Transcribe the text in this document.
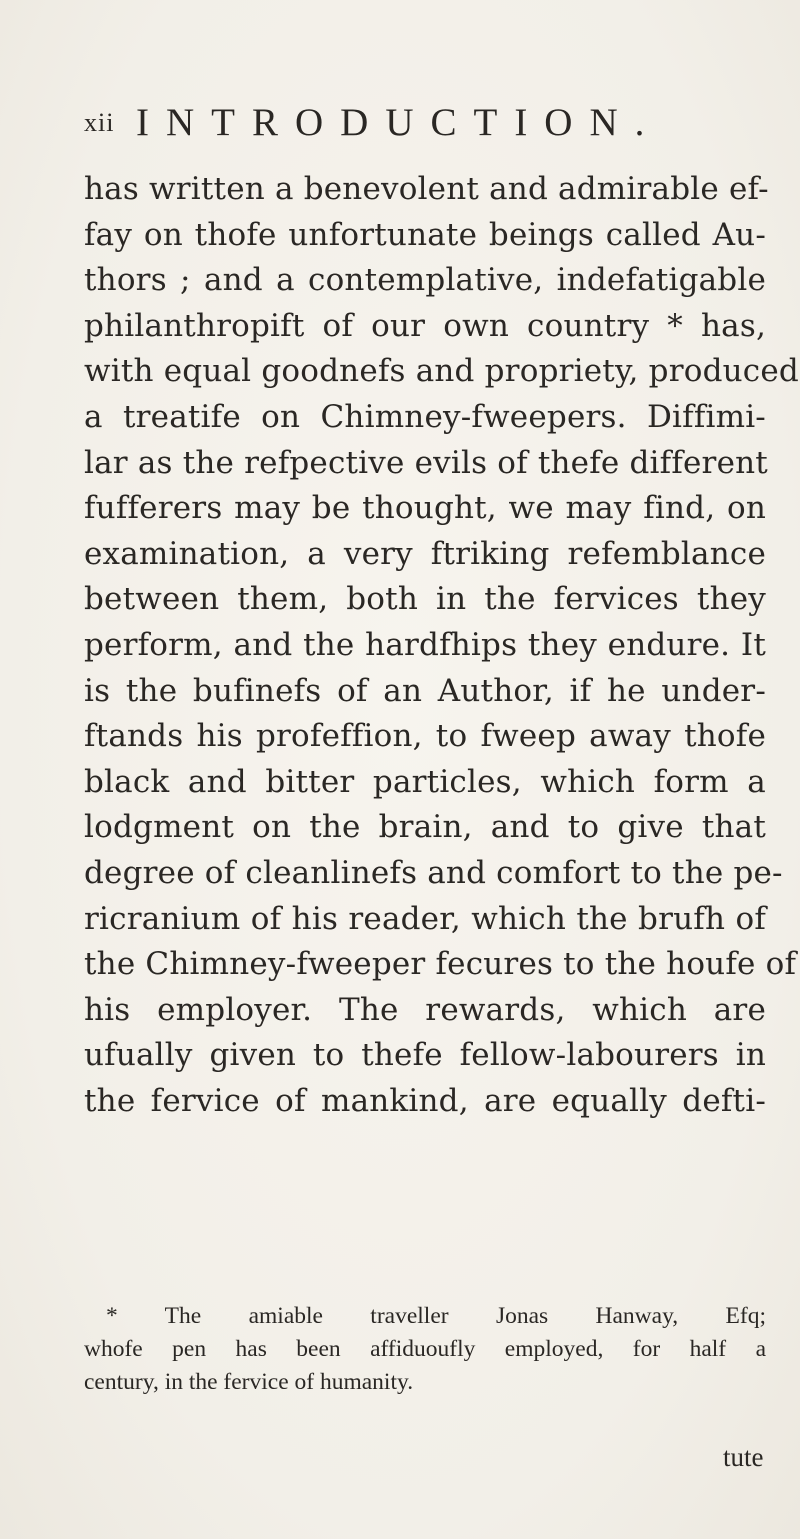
xii INTRODUCTION.
has written a benevolent and admirable ef-
fay on thofe unfortunate beings called Au-
thors ; and a contemplative, indefatigable
philanthropift of our own country * has,
with equal goodnefs and propriety, produced
a treatife on Chimney-fweepers. Diffimi-
lar as the refpective evils of thefe different
fufferers may be thought, we may find, on
examination, a very ftriking refemblance
between them, both in the fervices they
perform, and the hardfhips they endure. It
is the bufinefs of an Author, if he under-
ftands his profeffion, to fweep away thofe
black and bitter particles, which form a
lodgment on the brain, and to give that
degree of cleanlinefs and comfort to the pe-
ricranium of his reader, which the brufh of
the Chimney-fweeper fecures to the houfe of
his employer. The rewards, which are
ufually given to thefe fellow-labourers in
the fervice of mankind, are equally defti-
* The amiable traveller Jonas Hanway, Efq;
whofe pen has been affiduoufly employed, for half a
century, in the fervice of humanity.
tute
